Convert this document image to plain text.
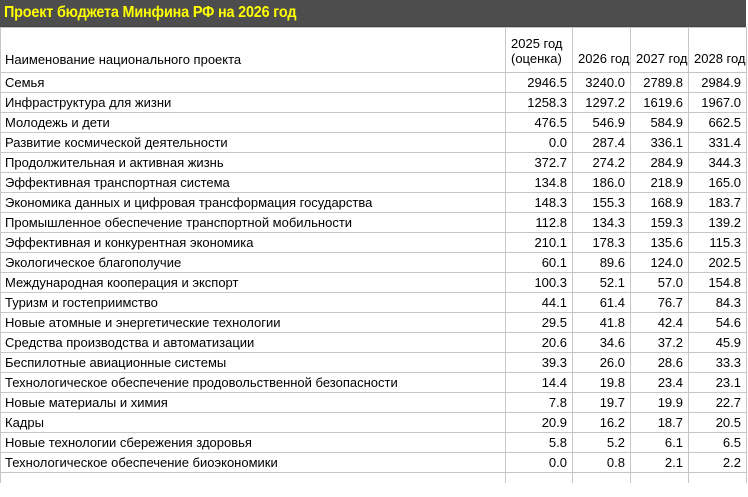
Проект бюджета Минфина РФ на 2026 год
Наименование национального проекта	2025 год (оценка)	2026 год	2027 год	2028 год
Семья	2946.5	3240.0	2789.8	2984.9
Инфраструктура для жизни	1258.3	1297.2	1619.6	1967.0
Молодежь и дети	476.5	546.9	584.9	662.5
Развитие космической деятельности	0.0	287.4	336.1	331.4
Продолжительная и активная жизнь	372.7	274.2	284.9	344.3
Эффективная транспортная система	134.8	186.0	218.9	165.0
Экономика данных и цифровая трансформация государства	148.3	155.3	168.9	183.7
Промышленное обеспечение транспортной мобильности	112.8	134.3	159.3	139.2
Эффективная и конкурентная экономика	210.1	178.3	135.6	115.3
Экологическое благополучие	60.1	89.6	124.0	202.5
Международная кооперация и экспорт	100.3	52.1	57.0	154.8
Туризм и гостеприимство	44.1	61.4	76.7	84.3
Новые атомные и энергетические технологии	29.5	41.8	42.4	54.6
Средства производства и автоматизации	20.6	34.6	37.2	45.9
Беспилотные авиационные системы	39.3	26.0	28.6	33.3
Технологическое обеспечение продовольственной безопасности	14.4	19.8	23.4	23.1
Новые материалы и химия	7.8	19.7	19.9	22.7
Кадры	20.9	16.2	18.7	20.5
Новые технологии сбережения здоровья	5.8	5.2	6.1	6.5
Технологическое обеспечение биоэкономики	0.0	0.8	2.1	2.2
